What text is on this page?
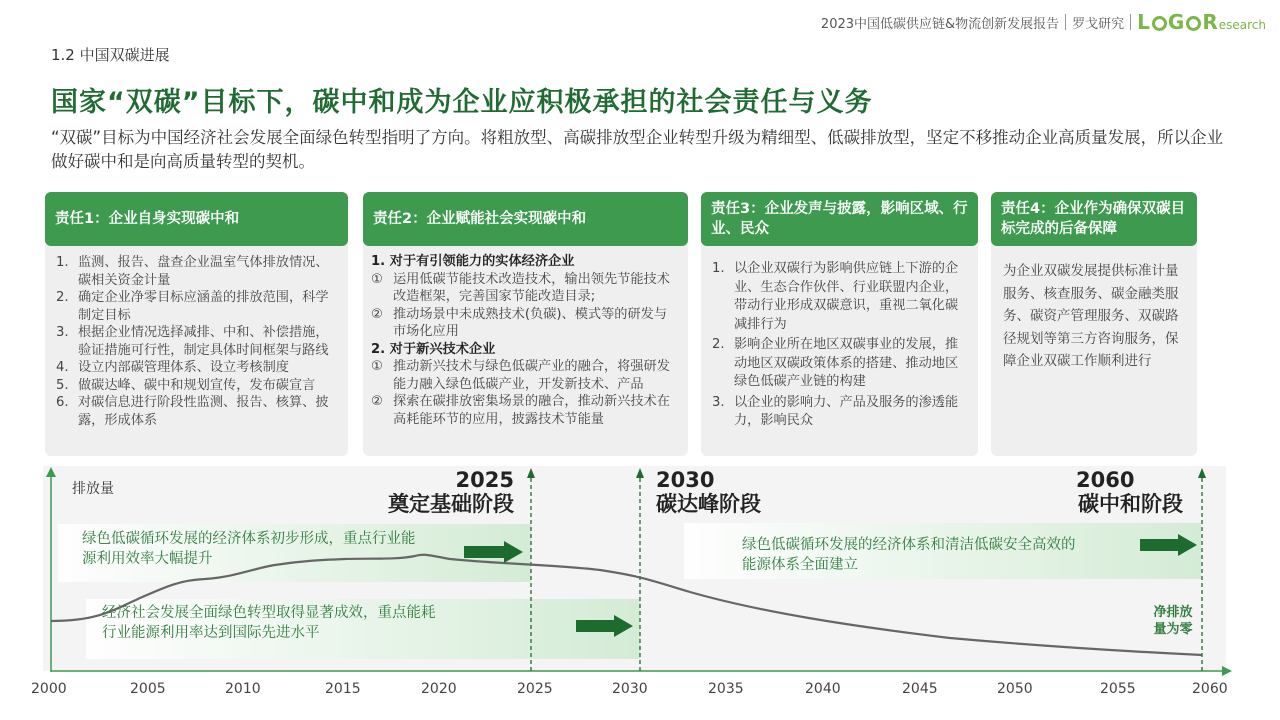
2023中国低碳供应链&物流创新发展报告 罗戈研究 L G R esearch
1.2 中国双碳进展
国家“双碳”目标下，碳中和成为企业应积极承担的社会责任与义务
“双碳”目标为中国经济社会发展全面绿色转型指明了方向。将粗放型、高碳排放型企业转型升级为精细型、低碳排放型，坚定不移推动企业高质量发展，所以企业做好碳中和是向高质量转型的契机。
责任1：企业自身实现碳中和
1. 监测、报告、盘查企业温室气体排放情况、碳相关资金计量
2. 确定企业净零目标应涵盖的排放范围，科学制定目标
3. 根据企业情况选择减排、中和、补偿措施，验证措施可行性，制定具体时间框架与路线
4. 设立内部碳管理体系、设立考核制度
5. 做碳达峰、碳中和规划宣传，发布碳宣言
6. 对碳信息进行阶段性监测、报告、核算、披露，形成体系
责任2：企业赋能社会实现碳中和
1. 对于有引领能力的实体经济企业
① 运用低碳节能技术改造技术，输出领先节能技术改造框架，完善国家节能改造目录;
② 推动场景中未成熟技术(负碳)、模式等的研发与市场化应用
2. 对于新兴技术企业
① 推动新兴技术与绿色低碳产业的融合，将强研发能力融入绿色低碳产业，开发新技术、产品
② 探索在碳排放密集场景的融合，推动新兴技术在高耗能环节的应用，披露技术节能量
责任3：企业发声与披露，影响区域、行业、民众
1. 以企业双碳行为影响供应链上下游的企业、生态合作伙伴、行业联盟内企业，带动行业形成双碳意识，重视二氧化碳减排行为
2. 影响企业所在地区双碳事业的发展，推动地区双碳政策体系的搭建、推动地区绿色低碳产业链的构建
3. 以企业的影响力、产品及服务的渗透能力，影响民众
责任4：企业作为确保双碳目标完成的后备保障
为企业双碳发展提供标准计量服务、核查服务、碳金融类服务、碳资产管理服务、双碳路径规划等第三方咨询服务，保障企业双碳工作顺利进行
排放量	2025
奠定基础阶段
2030
碳达峰阶段
2060
碳中和阶段
绿色低碳循环发展的经济体系初步形成，重点行业能源利用效率大幅提升
经济社会发展全面绿色转型取得显著成效，重点能耗行业能源利用率达到国际先进水平
绿色低碳循环发展的经济体系和清洁低碳安全高效的能源体系全面建立
净排放量为零
2000	2005	2010	2015	2020	2025	2030	2035	2040	2045	2050	2055	2060
